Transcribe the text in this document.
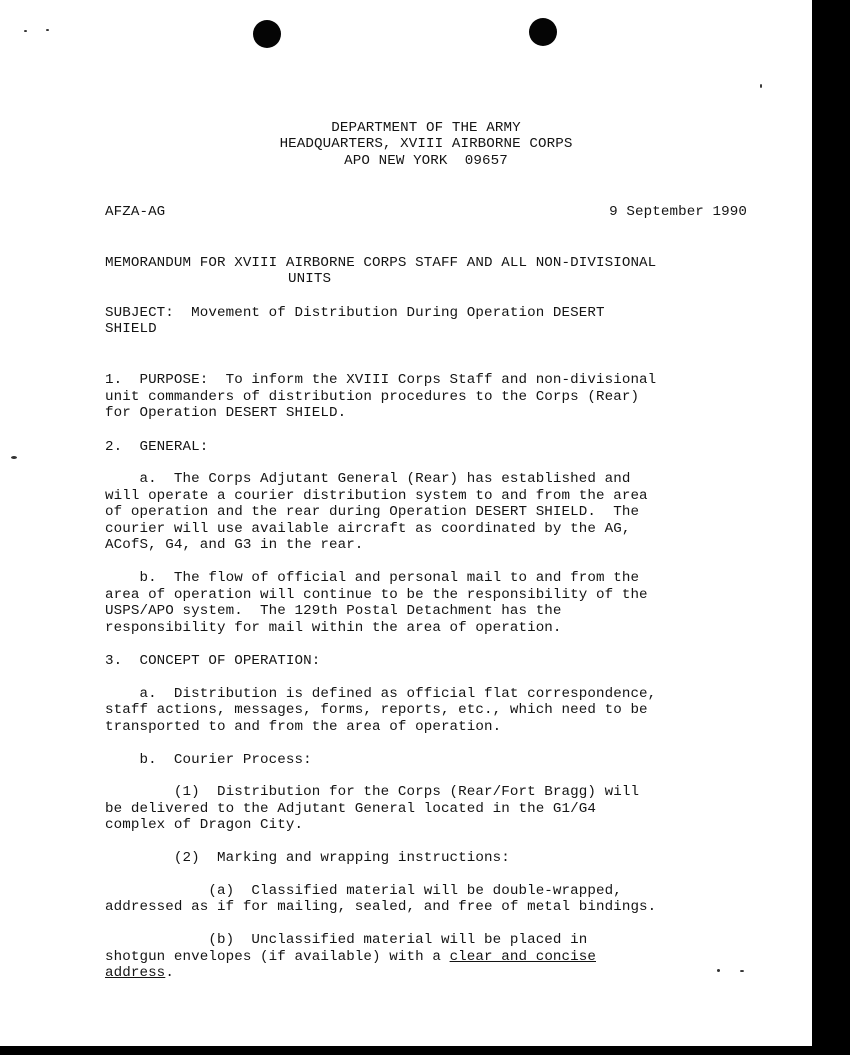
DEPARTMENT OF THE ARMY
HEADQUARTERS, XVIII AIRBORNE CORPS
APO NEW YORK  09657
AFZA-AG	9 September 1990
MEMORANDUM FOR XVIII AIRBORNE CORPS STAFF AND ALL NON-DIVISIONAL
UNITS
SUBJECT:  Movement of Distribution During Operation DESERT
SHIELD
1.  PURPOSE:  To inform the XVIII Corps Staff and non-divisional
unit commanders of distribution procedures to the Corps (Rear)
for Operation DESERT SHIELD.
2.  GENERAL:
a.  The Corps Adjutant General (Rear) has established and
will operate a courier distribution system to and from the area
of operation and the rear during Operation DESERT SHIELD.  The
courier will use available aircraft as coordinated by the AG,
ACofS, G4, and G3 in the rear.
b.  The flow of official and personal mail to and from the
area of operation will continue to be the responsibility of the
USPS/APO system.  The 129th Postal Detachment has the
responsibility for mail within the area of operation.
3.  CONCEPT OF OPERATION:
a.  Distribution is defined as official flat correspondence,
staff actions, messages, forms, reports, etc., which need to be
transported to and from the area of operation.
b.  Courier Process:
(1)  Distribution for the Corps (Rear/Fort Bragg) will
be delivered to the Adjutant General located in the G1/G4
complex of Dragon City.
(2)  Marking and wrapping instructions:
(a)  Classified material will be double-wrapped,
addressed as if for mailing, sealed, and free of metal bindings.
(b)  Unclassified material will be placed in
shotgun envelopes (if available) with a clear and concise
address.
